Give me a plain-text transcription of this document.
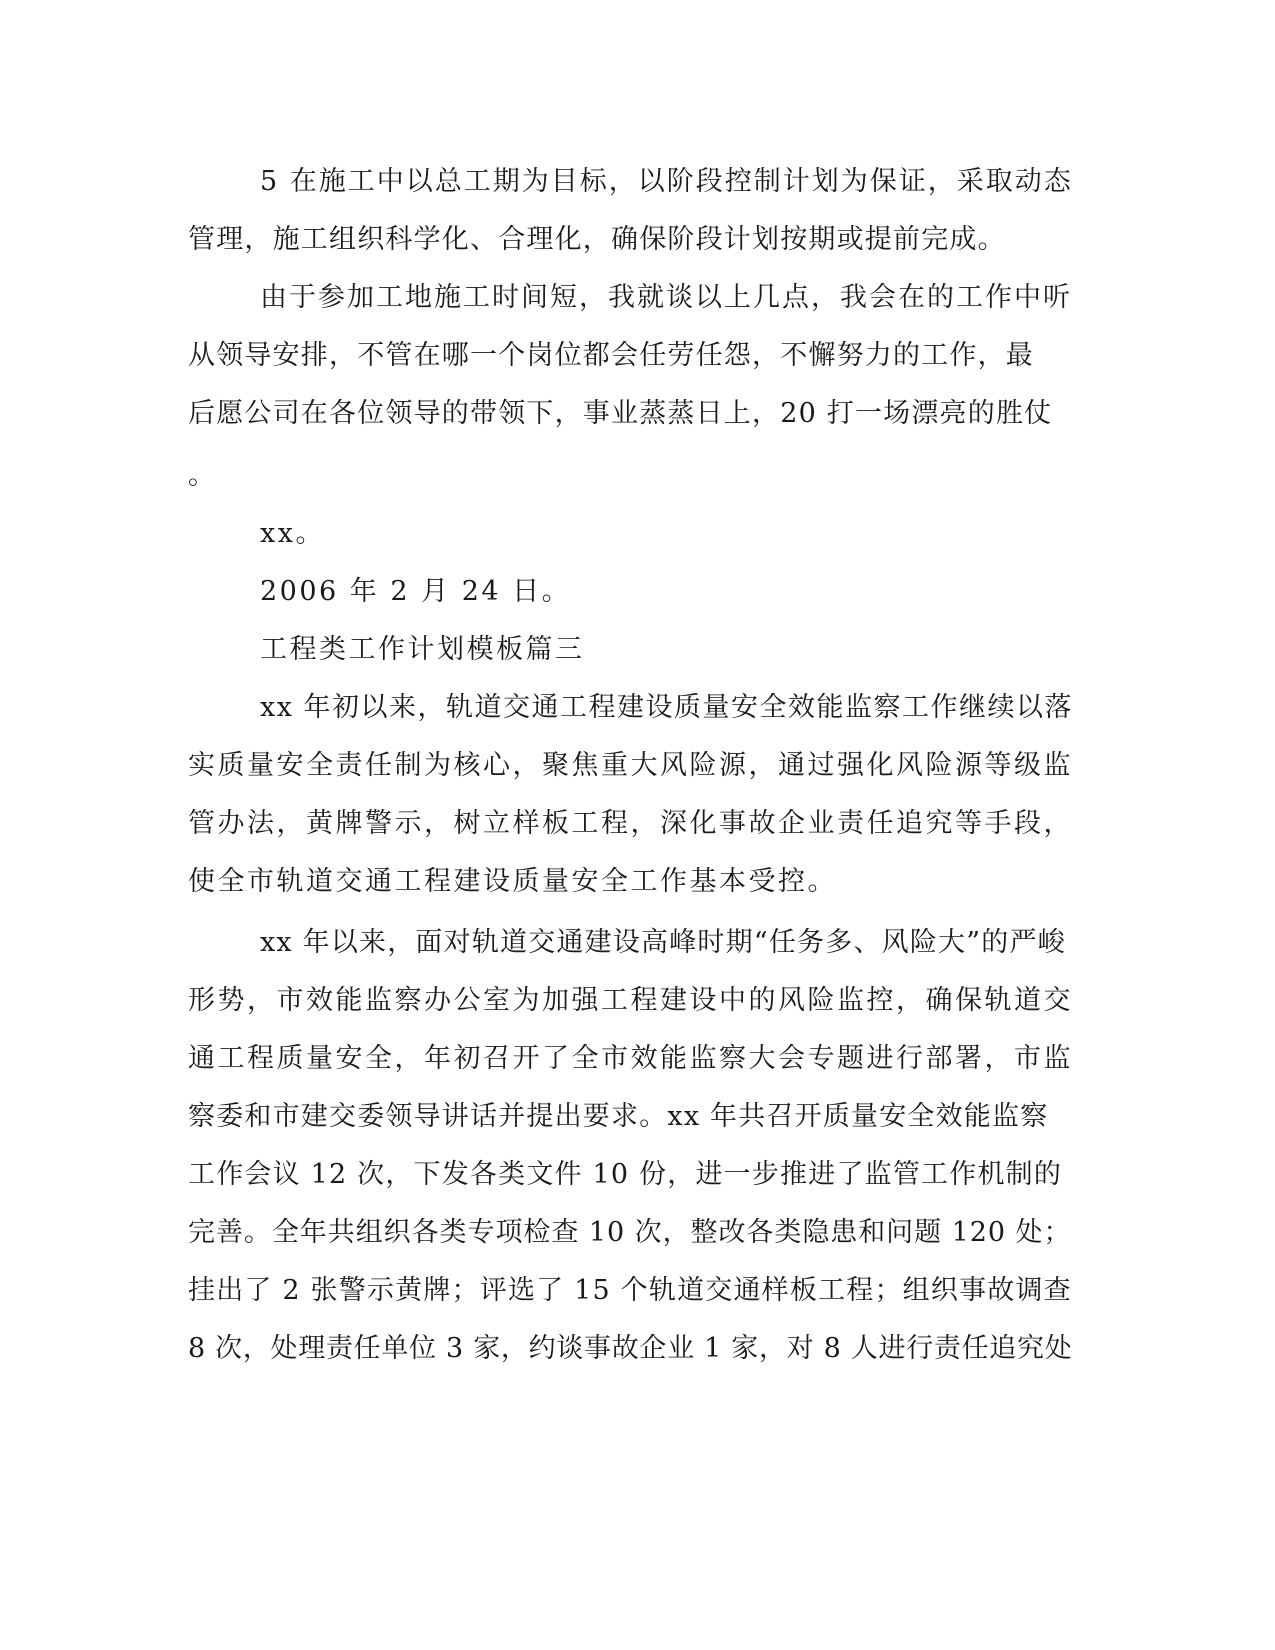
5 在施工中以总工期为目标，以阶段控制计划为保证，采取动态
管理，施工组织科学化、合理化，确保阶段计划按期或提前完成。
由于参加工地施工时间短，我就谈以上几点，我会在的工作中听
从领导安排，不管在哪一个岗位都会任劳任怨，不懈努力的工作，最
后愿公司在各位领导的带领下，事业蒸蒸日上，20 打一场漂亮的胜仗
。
xx。
2006 年 2 月 24 日。
工程类工作计划模板篇三
xx 年初以来，轨道交通工程建设质量安全效能监察工作继续以落
实质量安全责任制为核心，聚焦重大风险源，通过强化风险源等级监
管办法，黄牌警示，树立样板工程，深化事故企业责任追究等手段，
使全市轨道交通工程建设质量安全工作基本受控。
xx 年以来，面对轨道交通建设高峰时期“任务多、风险大”的严峻
形势，市效能监察办公室为加强工程建设中的风险监控，确保轨道交
通工程质量安全，年初召开了全市效能监察大会专题进行部署，市监
察委和市建交委领导讲话并提出要求。xx 年共召开质量安全效能监察
工作会议 12 次，下发各类文件 10 份，进一步推进了监管工作机制的
完善。全年共组织各类专项检查 10 次，整改各类隐患和问题 120 处；
挂出了 2 张警示黄牌；评选了 15 个轨道交通样板工程；组织事故调查
8 次，处理责任单位 3 家，约谈事故企业 1 家，对 8 人进行责任追究处
